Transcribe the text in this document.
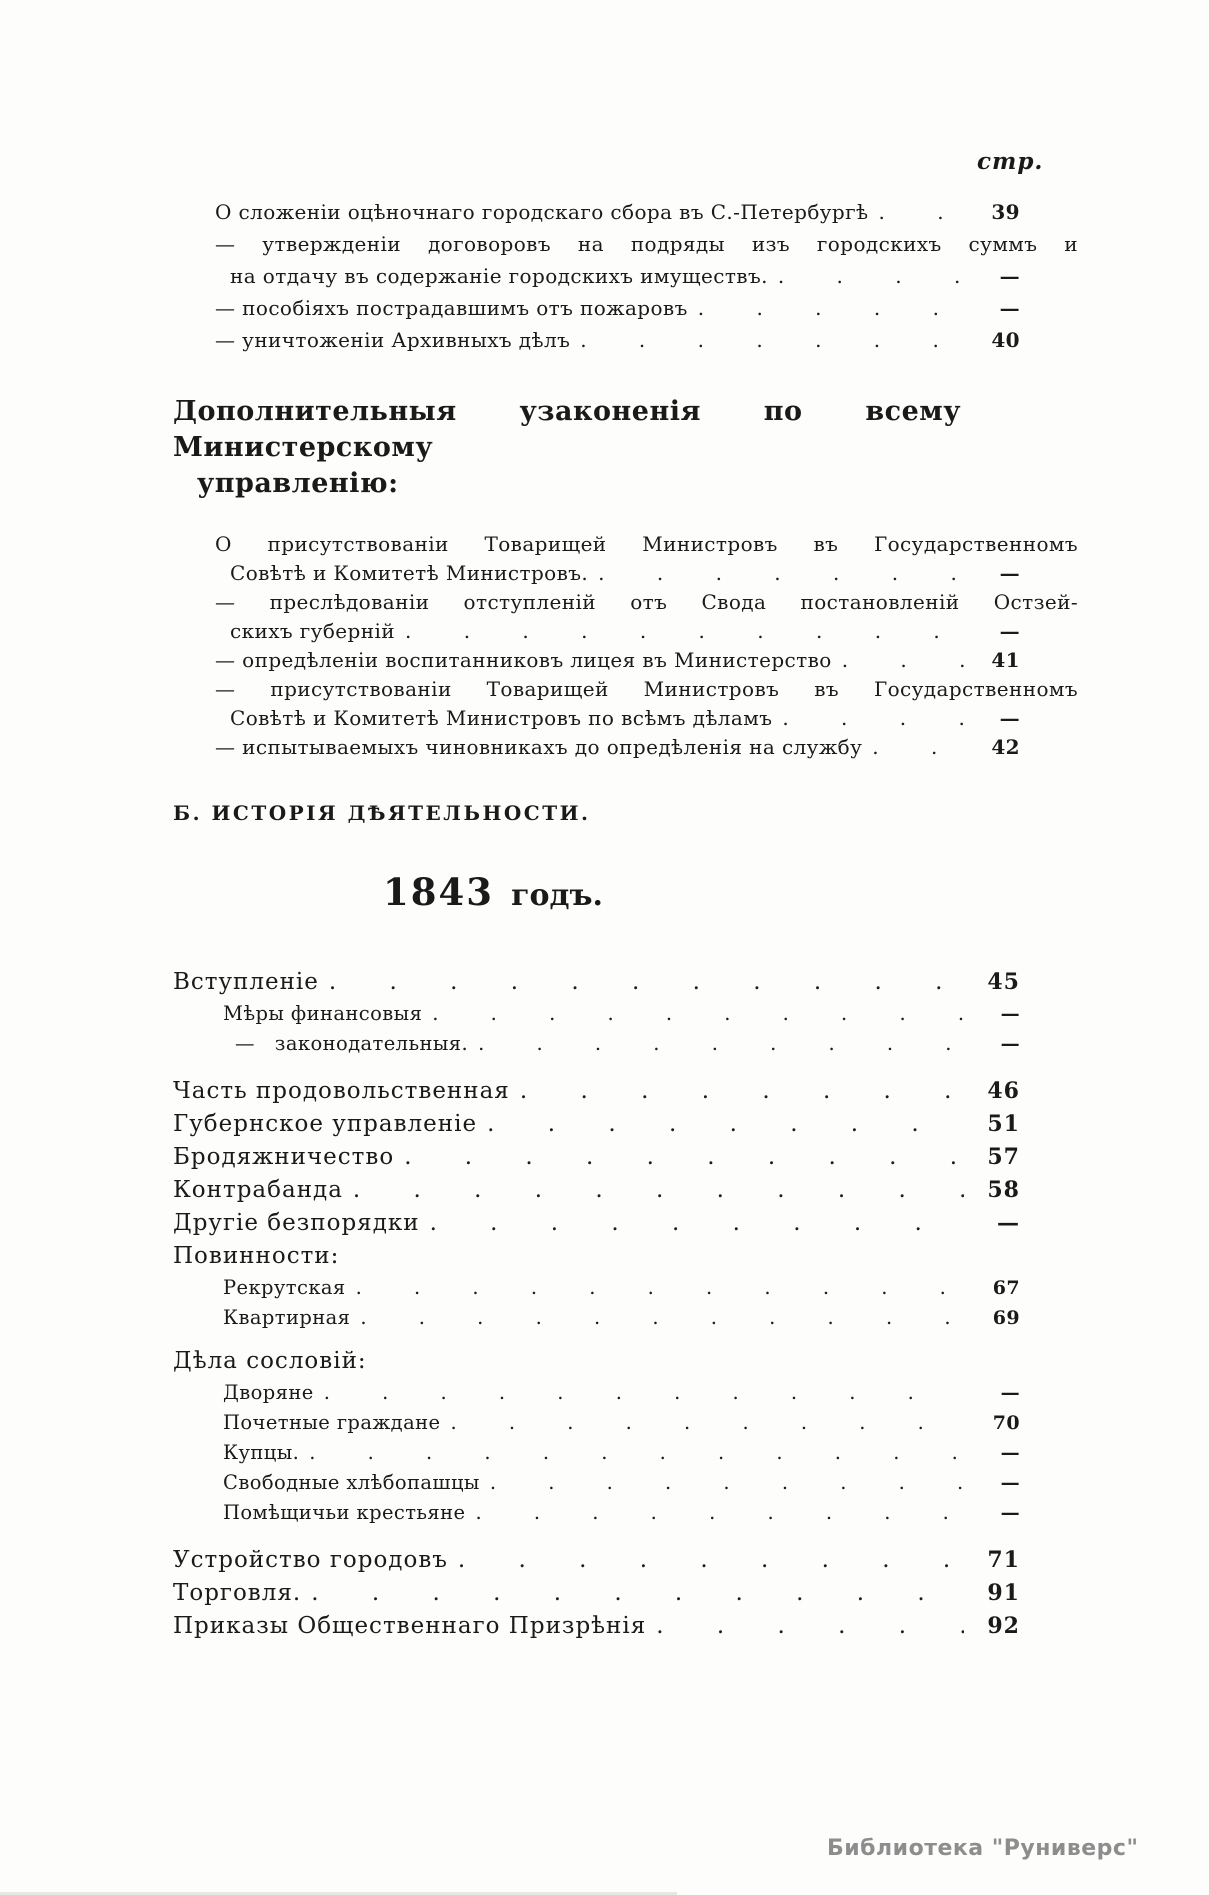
стр.
О сложеніи оцѣночнаго городскаго сбора въ С.-Петербургѣ . . .	39
— утвержденіи договоровъ на подряды изъ городскихъ суммъ и
на отдачу въ содержаніе городскихъ имуществъ. . . .	—
— пособіяхъ пострадавшимъ отъ пожаровъ . . .	—
— уничтоженіи Архивныхъ дѣлъ . . .	40
Дополнительныя узаконенія по всему Министерскому
управленію:
О присутствованіи Товарищей Министровъ въ Государственномъ
Совѣтѣ и Комитетѣ Министровъ. . . .	—
— преслѣдованіи отступленій отъ Свода постановленій Остзей-
скихъ губерній . . .	—
— опредѣленіи воспитанниковъ лицея въ Министерство . . .	41
— присутствованіи Товарищей Министровъ въ Государственномъ
Совѣтѣ и Комитетѣ Министровъ по всѣмъ дѣламъ . . .	—
— испытываемыхъ чиновникахъ до опредѣленія на службу . . .	42
Б. ИСТОРІЯ ДѢЯТЕЛЬНОСТИ.
1843 годъ.
Вступленіе . . .	45
Мѣры финансовыя . . .	—
— законодательныя. . . .	—
Часть продовольственная . . .	46
Губернское управленіе . . .	51
Бродяжничество . . .	57
Контрабанда . . .	58
Другіе безпорядки . . .	—
Повинности:
Рекрутская . . .	67
Квартирная . . .	69
Дѣла сословій:
Дворяне . . .	—
Почетные граждане . . .	70
Купцы. . . .	—
Свободные хлѣбопашцы . . .	—
Помѣщичьи крестьяне . . .	—
Устройство городовъ . . .	71
Торговля. . . .	91
Приказы Общественнаго Призрѣнія . . .	92
Библиотека "Руниверс"
